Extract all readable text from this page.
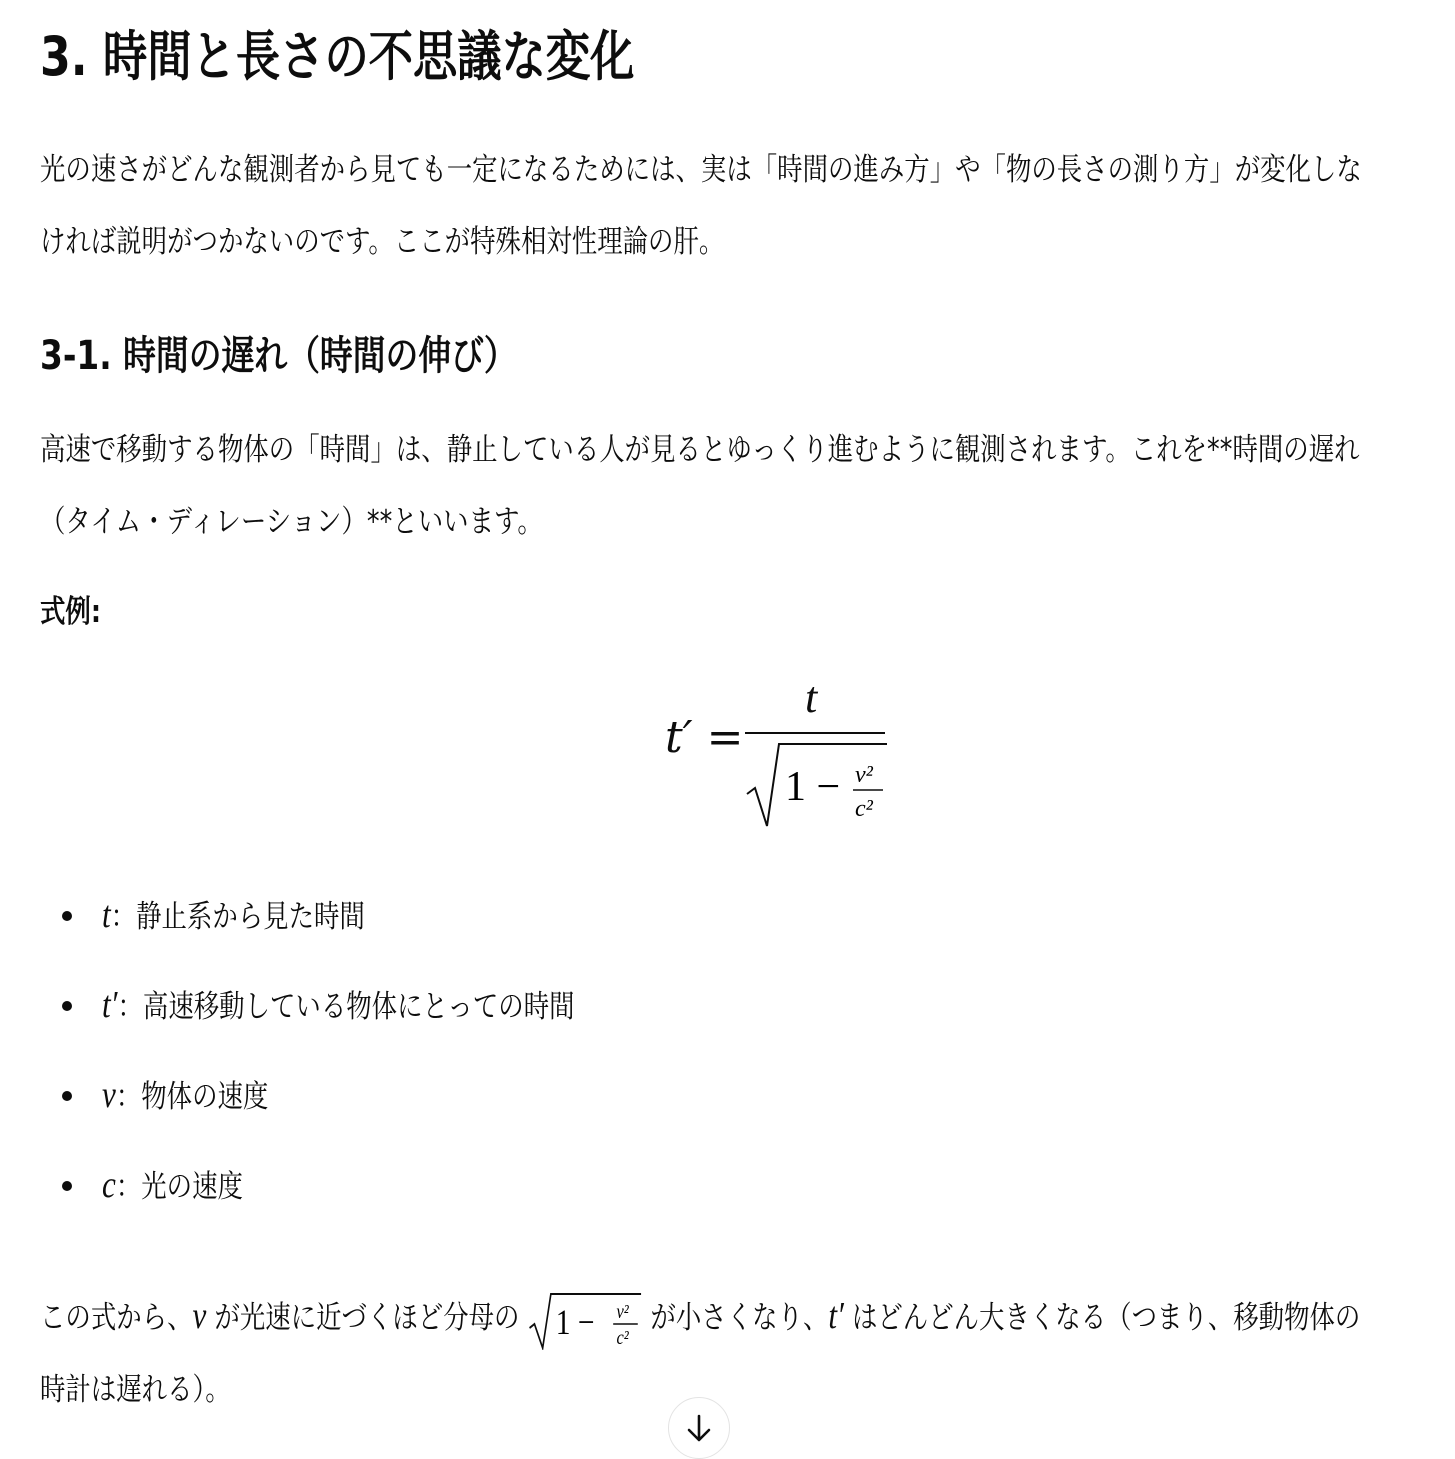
3. 時間と長さの不思議な変化
光の速さがどんな観測者から見ても一定になるためには、実は「時間の進み方」や「物の長さの測り方」が変化しな
ければ説明がつかないのです。ここが特殊相対性理論の肝。
3-1. 時間の遅れ（時間の伸び）
高速で移動する物体の「時間」は、静止している人が見るとゆっくり進むように観測されます。これを**時間の遅れ
（タイム・ディレーション）**といいます。
式例:
t′ =
t
1 − v²
c²
t：静止系から見た時間
t′：高速移動している物体にとっての時間
v：物体の速度
c：光の速度
この式から、v が光速に近づくほど分母の 1 − v²
c²
が小さくなり、t′ はどんどん大きくなる（つまり、移動物体の
時計は遅れる）。
